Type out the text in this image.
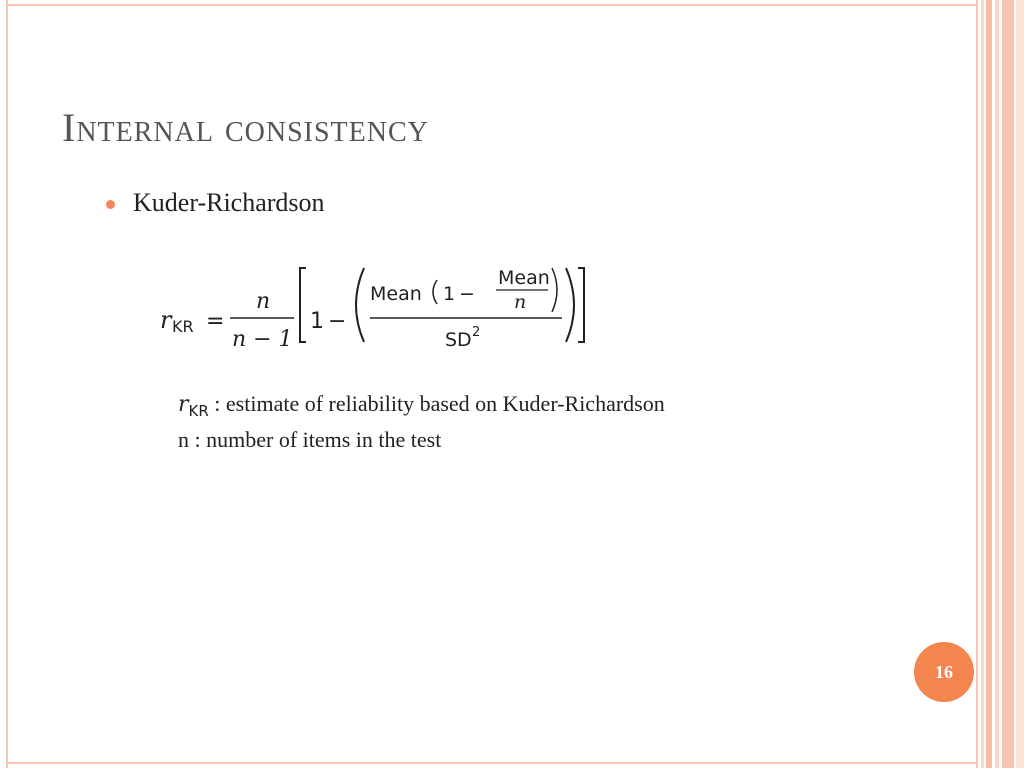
Internal consistency
Kuder-Richardson
r KR =
n
n − 1
1 −
Mean 1 −
Mean
n
SD 2
$r_{KR}$ : estimate of reliability based on Kuder-Richardson
n : number of items in the test
16
